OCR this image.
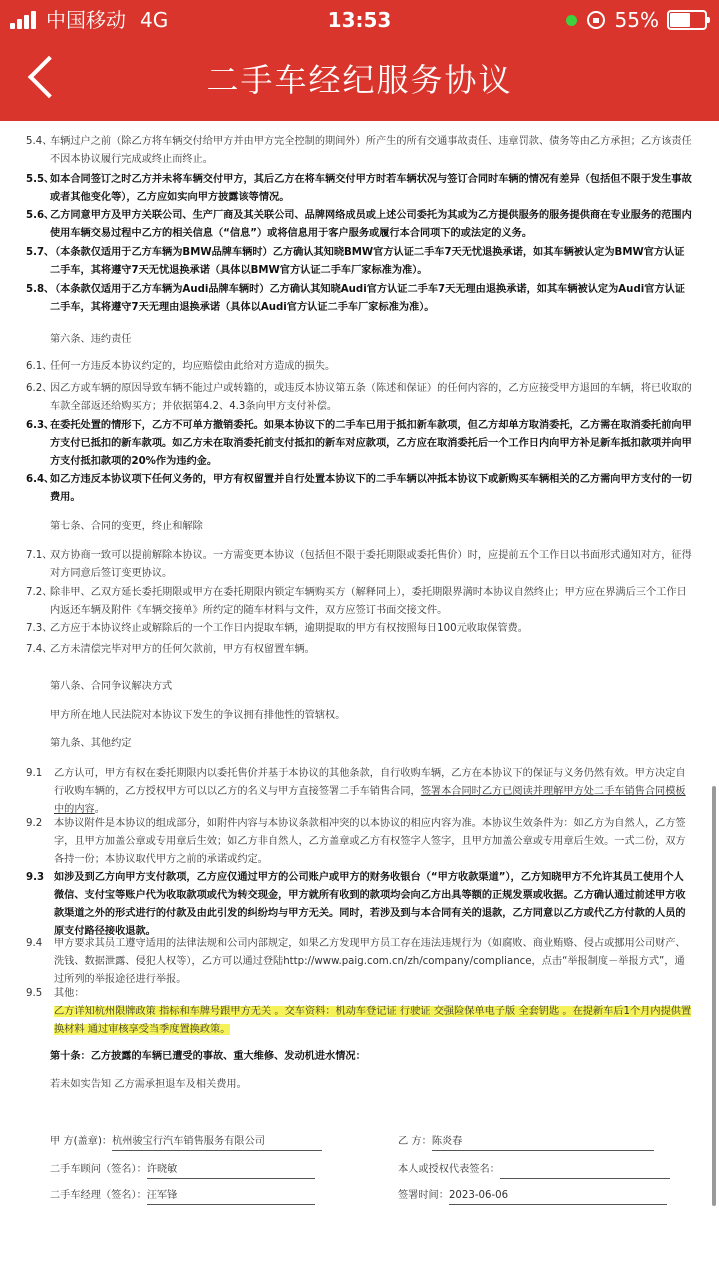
中国移动 4G	13:53	55%
二手车经纪服务协议
5.4、
车辆过户之前（除乙方将车辆交付给甲方并由甲方完全控制的期间外）所产生的所有交通事故责任、违章罚款、债务等由乙方承担；乙方该责任不因本协议履行完成或终止而终止。
5.5、
如本合同签订之时乙方并未将车辆交付甲方，其后乙方在将车辆交付甲方时若车辆状况与签订合同时车辆的情况有差异（包括但不限于发生事故或者其他变化等），乙方应如实向甲方披露该等情况。
5.6、
乙方同意甲方及甲方关联公司、生产厂商及其关联公司、品牌网络成员或上述公司委托为其或为乙方提供服务的服务提供商在专业服务的范围内使用车辆交易过程中乙方的相关信息（“信息”）或将信息用于客户服务或履行本合同项下的或法定的义务。
5.7、
（本条款仅适用于乙方车辆为BMW品牌车辆时）乙方确认其知晓BMW官方认证二手车7天无忧退换承诺，如其车辆被认定为BMW官方认证二手车，其将遵守7天无忧退换承诺（具体以BMW官方认证二手车厂家标准为准）。
5.8、
（本条款仅适用于乙方车辆为Audi品牌车辆时）乙方确认其知晓Audi官方认证二手车7天无理由退换承诺，如其车辆被认定为Audi官方认证二手车，其将遵守7天无理由退换承诺（具体以Audi官方认证二手车厂家标准为准）。
第六条、违约责任
6.1、
任何一方违反本协议约定的，均应赔偿由此给对方造成的损失。
6.2、
因乙方或车辆的原因导致车辆不能过户或转籍的，或违反本协议第五条（陈述和保证）的任何内容的，乙方应接受甲方退回的车辆，将已收取的车款全部返还给购买方；并依据第4.2、4.3条向甲方支付补偿。
6.3、
在委托处置的情形下，乙方不可单方撤销委托。如果本协议下的二手车已用于抵扣新车款项，但乙方却单方取消委托，乙方需在取消委托前向甲方支付已抵扣的新车款项。如乙方未在取消委托前支付抵扣的新车对应款项，乙方应在取消委托后一个工作日内向甲方补足新车抵扣款项并向甲方支付抵扣款项的20%作为违约金。
6.4、
如乙方违反本协议项下任何义务的，甲方有权留置并自行处置本协议下的二手车辆以冲抵本协议下或新购买车辆相关的乙方需向甲方支付的一切费用。
第七条、合同的变更，终止和解除
7.1、
双方协商一致可以提前解除本协议。一方需变更本协议（包括但不限于委托期限或委托售价）时，应提前五个工作日以书面形式通知对方，征得对方同意后签订变更协议。
7.2、
除非甲、乙双方延长委托期限或甲方在委托期限内锁定车辆购买方（解释同上），委托期限界满时本协议自然终止；甲方应在界满后三个工作日内返还车辆及附件《车辆交接单》所约定的随车材料与文件，双方应签订书面交接文件。
7.3、
乙方应于本协议终止或解除后的一个工作日内提取车辆，逾期提取的甲方有权按照每日100元收取保管费。
7.4、
乙方未清偿完毕对甲方的任何欠款前，甲方有权留置车辆。
第八条、合同争议解决方式
甲方所在地人民法院对本协议下发生的争议拥有排他性的管辖权。
第九条、其他约定
9.1	乙方认可，甲方有权在委托期限内以委托售价并基于本协议的其他条款，自行收购车辆，乙方在本协议下的保证与义务仍然有效。甲方决定自行收购车辆的，乙方授权甲方可以以乙方的名义与甲方直接签署二手车销售合同，签署本合同时乙方已阅读并理解甲方处二手车销售合同模板中的内容。
9.2	本协议附件是本协议的组成部分，如附件内容与本协议条款相冲突的以本协议的相应内容为准。本协议生效条件为：如乙方为自然人，乙方签字，且甲方加盖公章或专用章后生效；如乙方非自然人，乙方盖章或乙方有权签字人签字，且甲方加盖公章或专用章后生效。一式二份，双方各持一份；本协议取代甲方之前的承诺或约定。
9.3 如涉及到乙方向甲方支付款项，乙方应仅通过甲方的公司账户或甲方的财务收银台（“甲方收款渠道”），乙方知晓甲方不允许其员工使用个人微信、支付宝等账户代为收取款项或代为转交现金，甲方就所有收到的款项均会向乙方出具等额的正规发票或收据。乙方确认通过前述甲方收款渠道之外的形式进行的付款及由此引发的纠纷均与甲方无关。同时，若涉及到与本合同有关的退款，乙方同意以乙方或代乙方付款的人员的原支付路径接收退款。
9.4	甲方要求其员工遵守适用的法律法规和公司内部规定，如果乙方发现甲方员工存在违法违规行为（如腐败、商业贿赂、侵占或挪用公司财产、洗钱、数据泄露、侵犯人权等），乙方可以通过登陆http://www.paig.com.cn/zh/company/compliance，点击“举报制度－举报方式”，通过所列的举报途径进行举报。
9.5	其他：
乙方详知杭州限牌政策 指标和车牌号跟甲方无关 。交车资料：机动车登记证 行驶证 交强险保单电子版 全套钥匙 。在提新车后1个月内提供置换材料 通过审核享受当季度置换政策。
第十条：乙方披露的车辆已遭受的事故、重大维修、发动机进水情况：
若未如实告知 乙方需承担退车及相关费用。
甲 方(盖章)： 杭州骏宝行汽车销售服务有限公司	乙 方： 陈炎春
二手车顾问（签名）： 许晓敏	本人或授权代表签名：
二手车经理（签名）： 汪军锋	签署时间： 2023-06-06
